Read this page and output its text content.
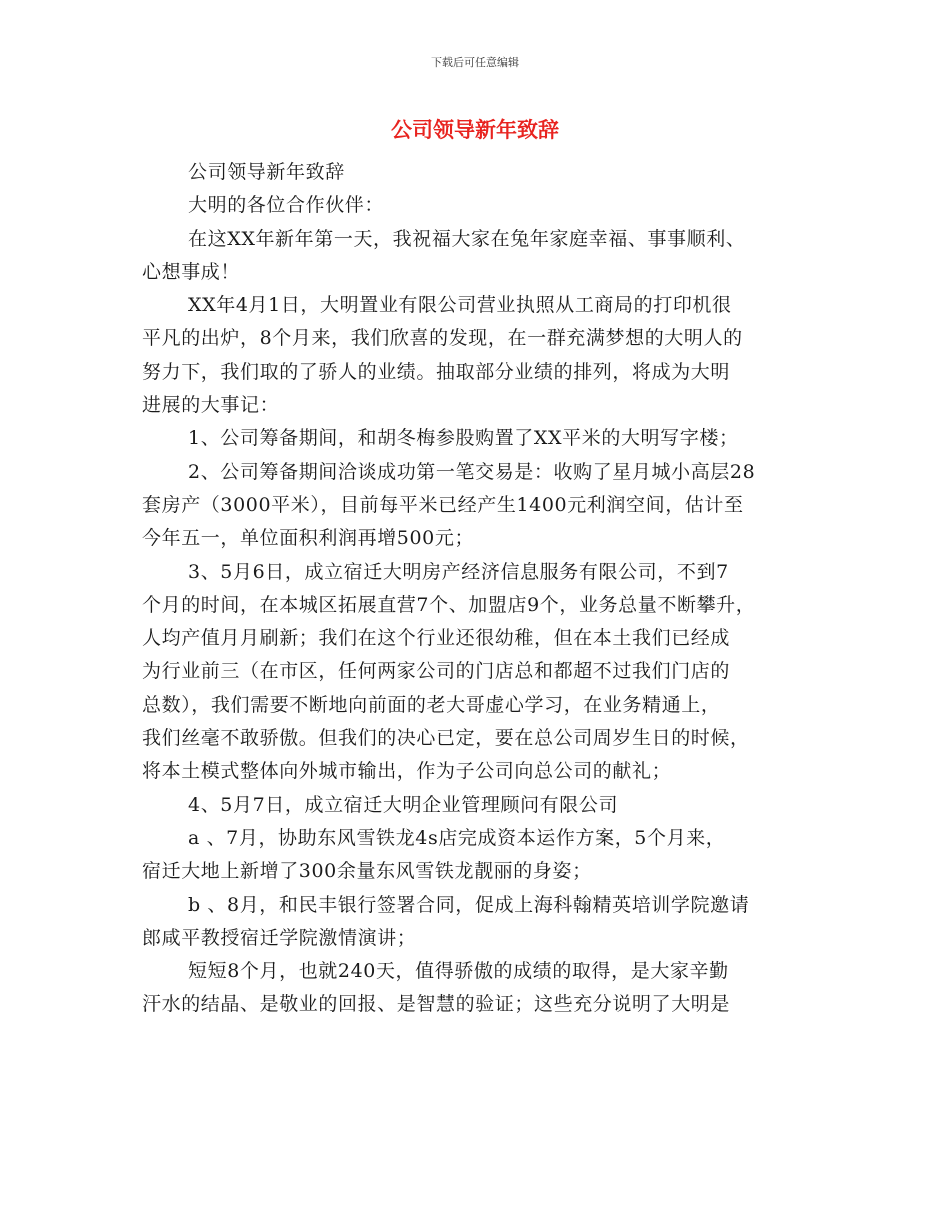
下载后可任意编辑
公司领导新年致辞
公司领导新年致辞
大明的各位合作伙伴：
在这XX年新年第一天，我祝福大家在兔年家庭幸福、事事顺利、
心想事成！
XX年4月1日，大明置业有限公司营业执照从工商局的打印机很
平凡的出炉，8个月来，我们欣喜的发现，在一群充满梦想的大明人的
努力下，我们取的了骄人的业绩。抽取部分业绩的排列，将成为大明
进展的大事记：
1、公司筹备期间，和胡冬梅参股购置了XX平米的大明写字楼；
2、公司筹备期间洽谈成功第一笔交易是：收购了星月城小高层28
套房产（3000平米），目前每平米已经产生1400元利润空间，估计至
今年五一，单位面积利润再增500元；
3、5月6日，成立宿迁大明房产经济信息服务有限公司，不到7
个月的时间，在本城区拓展直营7个、加盟店9个，业务总量不断攀升，
人均产值月月刷新；我们在这个行业还很幼稚，但在本土我们已经成
为行业前三（在市区，任何两家公司的门店总和都超不过我们门店的
总数），我们需要不断地向前面的老大哥虚心学习，在业务精通上，
我们丝毫不敢骄傲。但我们的决心已定，要在总公司周岁生日的时候，
将本土模式整体向外城市输出，作为子公司向总公司的献礼；
4、5月7日，成立宿迁大明企业管理顾问有限公司
a 、7月，协助东风雪铁龙4s店完成资本运作方案，5个月来，
宿迁大地上新增了300余量东风雪铁龙靓丽的身姿；
b 、8月，和民丰银行签署合同，促成上海科翰精英培训学院邀请
郎咸平教授宿迁学院激情演讲；
短短8个月，也就240天，值得骄傲的成绩的取得，是大家辛勤
汗水的结晶、是敬业的回报、是智慧的验证；这些充分说明了大明是
